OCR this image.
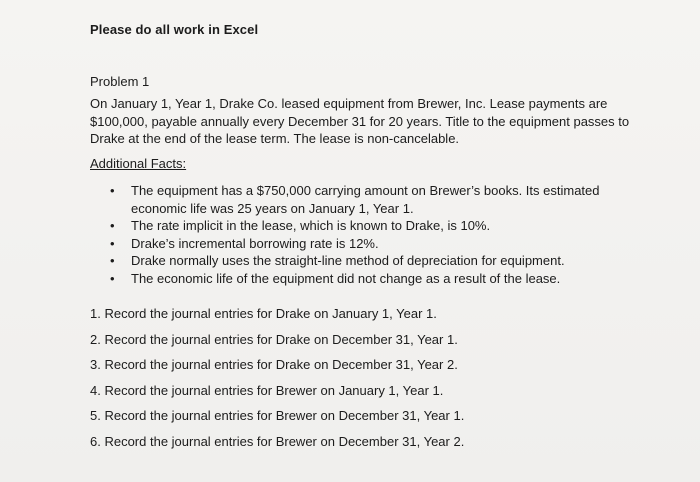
Please do all work in Excel
Problem 1
On January 1, Year 1, Drake Co. leased equipment from Brewer, Inc. Lease payments are $100,000, payable annually every December 31 for 20 years. Title to the equipment passes to Drake at the end of the lease term. The lease is non-cancelable.
Additional Facts:
• The equipment has a $750,000 carrying amount on Brewer’s books. Its estimated economic life was 25 years on January 1, Year 1.
• The rate implicit in the lease, which is known to Drake, is 10%.
• Drake’s incremental borrowing rate is 12%.
• Drake normally uses the straight-line method of depreciation for equipment.
• The economic life of the equipment did not change as a result of the lease.
1. Record the journal entries for Drake on January 1, Year 1.
2. Record the journal entries for Drake on December 31, Year 1.
3. Record the journal entries for Drake on December 31, Year 2.
4. Record the journal entries for Brewer on January 1, Year 1.
5. Record the journal entries for Brewer on December 31, Year 1.
6. Record the journal entries for Brewer on December 31, Year 2.
